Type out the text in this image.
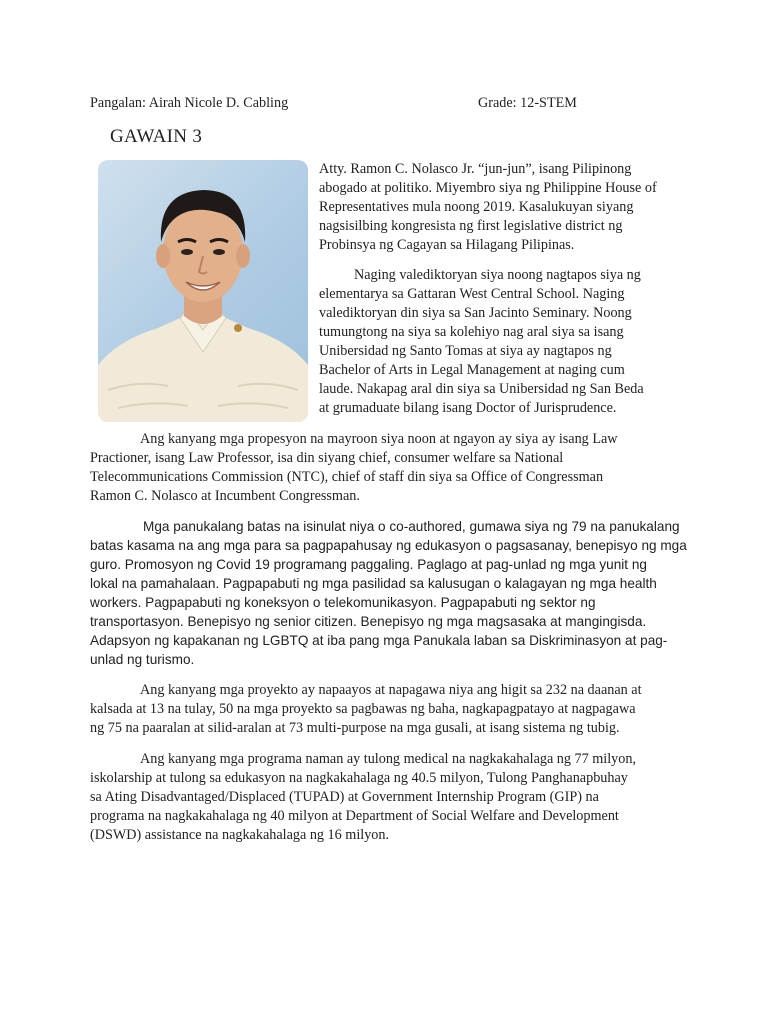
Pangalan: Airah Nicole D. Cabling	Grade: 12-STEM
GAWAIN 3
Atty. Ramon C. Nolasco Jr. “jun-jun”, isang Pilipinong
abogado at politiko. Miyembro siya ng Philippine House of
Representatives mula noong 2019. Kasalukuyan siyang
nagsisilbing kongresista ng first legislative district ng
Probinsya ng Cagayan sa Hilagang Pilipinas.
Naging valediktoryan siya noong nagtapos siya ng
elementarya sa Gattaran West Central School. Naging
valediktoryan din siya sa San Jacinto Seminary. Noong
tumungtong na siya sa kolehiyo nag aral siya sa isang
Unibersidad ng Santo Tomas at siya ay nagtapos ng
Bachelor of Arts in Legal Management at naging cum
laude. Nakapag aral din siya sa Unibersidad ng San Beda
at grumaduate bilang isang Doctor of Jurisprudence.
Ang kanyang mga propesyon na mayroon siya noon at ngayon ay siya ay isang Law
Practioner, isang Law Professor, isa din siyang chief, consumer welfare sa National
Telecommunications Commission (NTC), chief of staff din siya sa Office of Congressman
Ramon C. Nolasco at Incumbent Congressman.
Mga panukalang batas na isinulat niya o co-authored, gumawa siya ng 79 na panukalang
batas kasama na ang mga para sa pagpapahusay ng edukasyon o pagsasanay, benepisyo ng mga
guro. Promosyon ng Covid 19 programang paggaling. Paglago at pag-unlad ng mga yunit ng
lokal na pamahalaan. Pagpapabuti ng mga pasilidad sa kalusugan o kalagayan ng mga health
workers. Pagpapabuti ng koneksyon o telekomunikasyon. Pagpapabuti ng sektor ng
transportasyon. Benepisyo ng senior citizen. Benepisyo ng mga magsasaka at mangingisda.
Adapsyon ng kapakanan ng LGBTQ at iba pang mga Panukala laban sa Diskriminasyon at pag-
unlad ng turismo.
Ang kanyang mga proyekto ay napaayos at napagawa niya ang higit sa 232 na daanan at
kalsada at 13 na tulay, 50 na mga proyekto sa pagbawas ng baha, nagkapagpatayo at nagpagawa
ng 75 na paaralan at silid-aralan at 73 multi-purpose na mga gusali, at isang sistema ng tubig.
Ang kanyang mga programa naman ay tulong medical na nagkakahalaga ng 77 milyon,
iskolarship at tulong sa edukasyon na nagkakahalaga ng 40.5 milyon, Tulong Panghanapbuhay
sa Ating Disadvantaged/Displaced (TUPAD) at Government Internship Program (GIP) na
programa na nagkakahalaga ng 40 milyon at Department of Social Welfare and Development
(DSWD) assistance na nagkakahalaga ng 16 milyon.
